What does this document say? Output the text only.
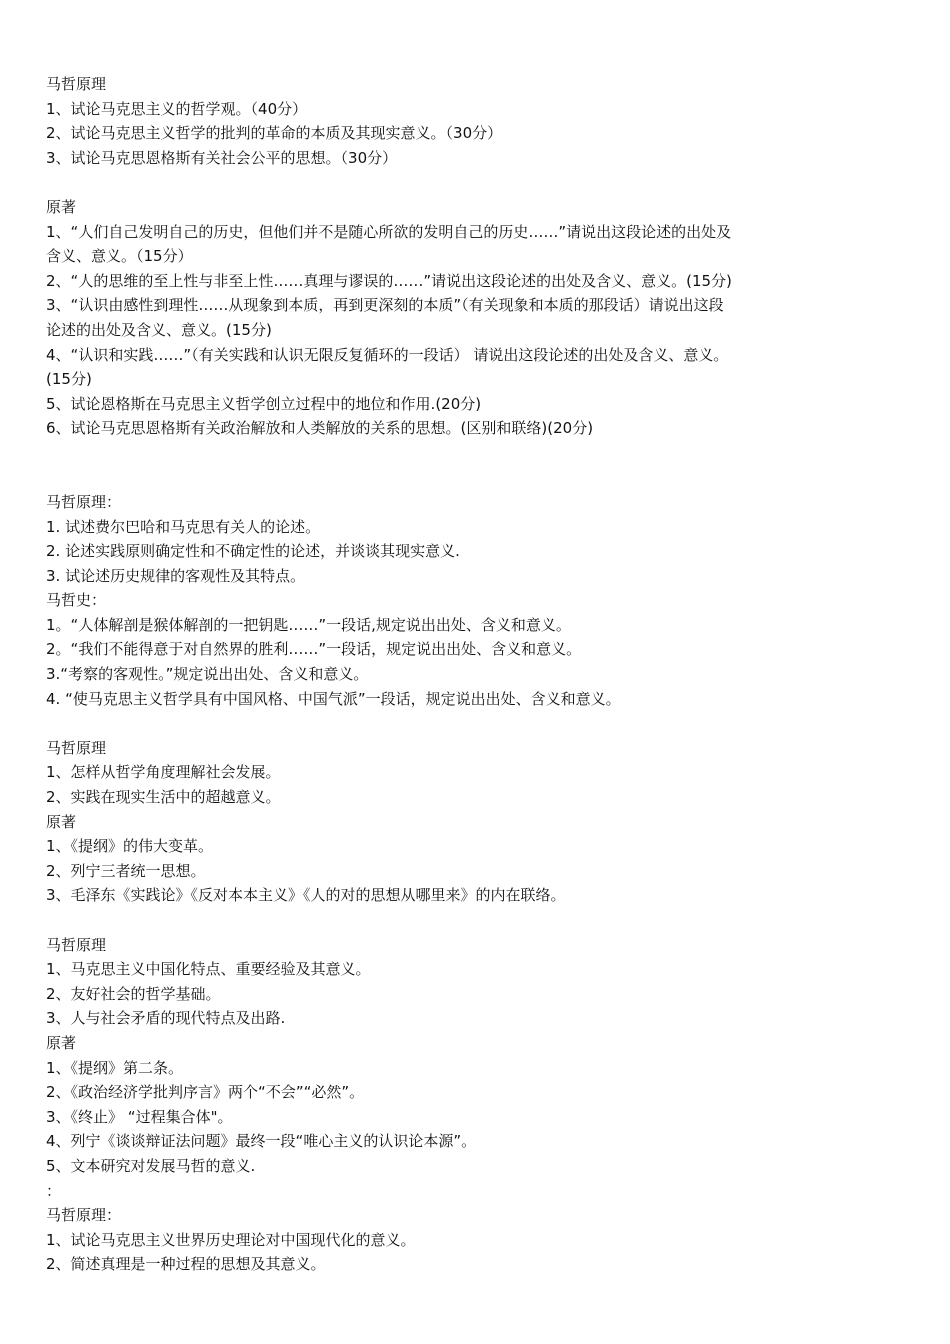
马哲原理

1、试论马克思主义的哲学观。（40分）

2、试论马克思主义哲学的批判的革命的本质及其现实意义。（30分）

3、试论马克思恩格斯有关社会公平的思想。（30分）

原著

1、“人们自己发明自己的历史，但他们并不是随心所欲的发明自己的历史……”请说出这段论述的出处及

含义、意义。（15分）

2、“人的思维的至上性与非至上性……真理与谬误的……”请说出这段论述的出处及含义、意义。(15分)

3、“认识由感性到理性……从现象到本质，再到更深刻的本质”（有关现象和本质的那段话）请说出这段

论述的出处及含义、意义。(15分)

4、“认识和实践……”（有关实践和认识无限反复循环的一段话） 请说出这段论述的出处及含义、意义。

(15分)

5、试论恩格斯在马克思主义哲学创立过程中的地位和作用.(20分)

6、试论马克思恩格斯有关政治解放和人类解放的关系的思想。(区别和联络)(20分)

马哲原理：

1. 试述费尔巴哈和马克思有关人的论述。

2. 论述实践原则确定性和不确定性的论述，并谈谈其现实意义.

3. 试论述历史规律的客观性及其特点。

马哲史：

1。“人体解剖是猴体解剖的一把钥匙……”一段话,规定说出出处、含义和意义。

2。“我们不能得意于对自然界的胜利……”一段话，规定说出出处、含义和意义。

3.“考察的客观性。”规定说出出处、含义和意义。

4. “使马克思主义哲学具有中国风格、中国气派”一段话，规定说出出处、含义和意义。

马哲原理

1、怎样从哲学角度理解社会发展。

2、实践在现实生活中的超越意义。

原著

1、《提纲》的伟大变革。

2、列宁三者统一思想。

3、毛泽东《实践论》《反对本本主义》《人的对的思想从哪里来》的内在联络。

马哲原理

1、马克思主义中国化特点、重要经验及其意义。

2、友好社会的哲学基础。

3、人与社会矛盾的现代特点及出路.

原著

1、《提纲》第二条。

2、《政治经济学批判序言》两个“不会”“必然”。

3、《终止》 “过程集合体"。

4、列宁《谈谈辩证法问题》最终一段“唯心主义的认识论本源”。

5、文本研究对发展马哲的意义.

：

马哲原理：

1、试论马克思主义世界历史理论对中国现代化的意义。

2、简述真理是一种过程的思想及其意义。
